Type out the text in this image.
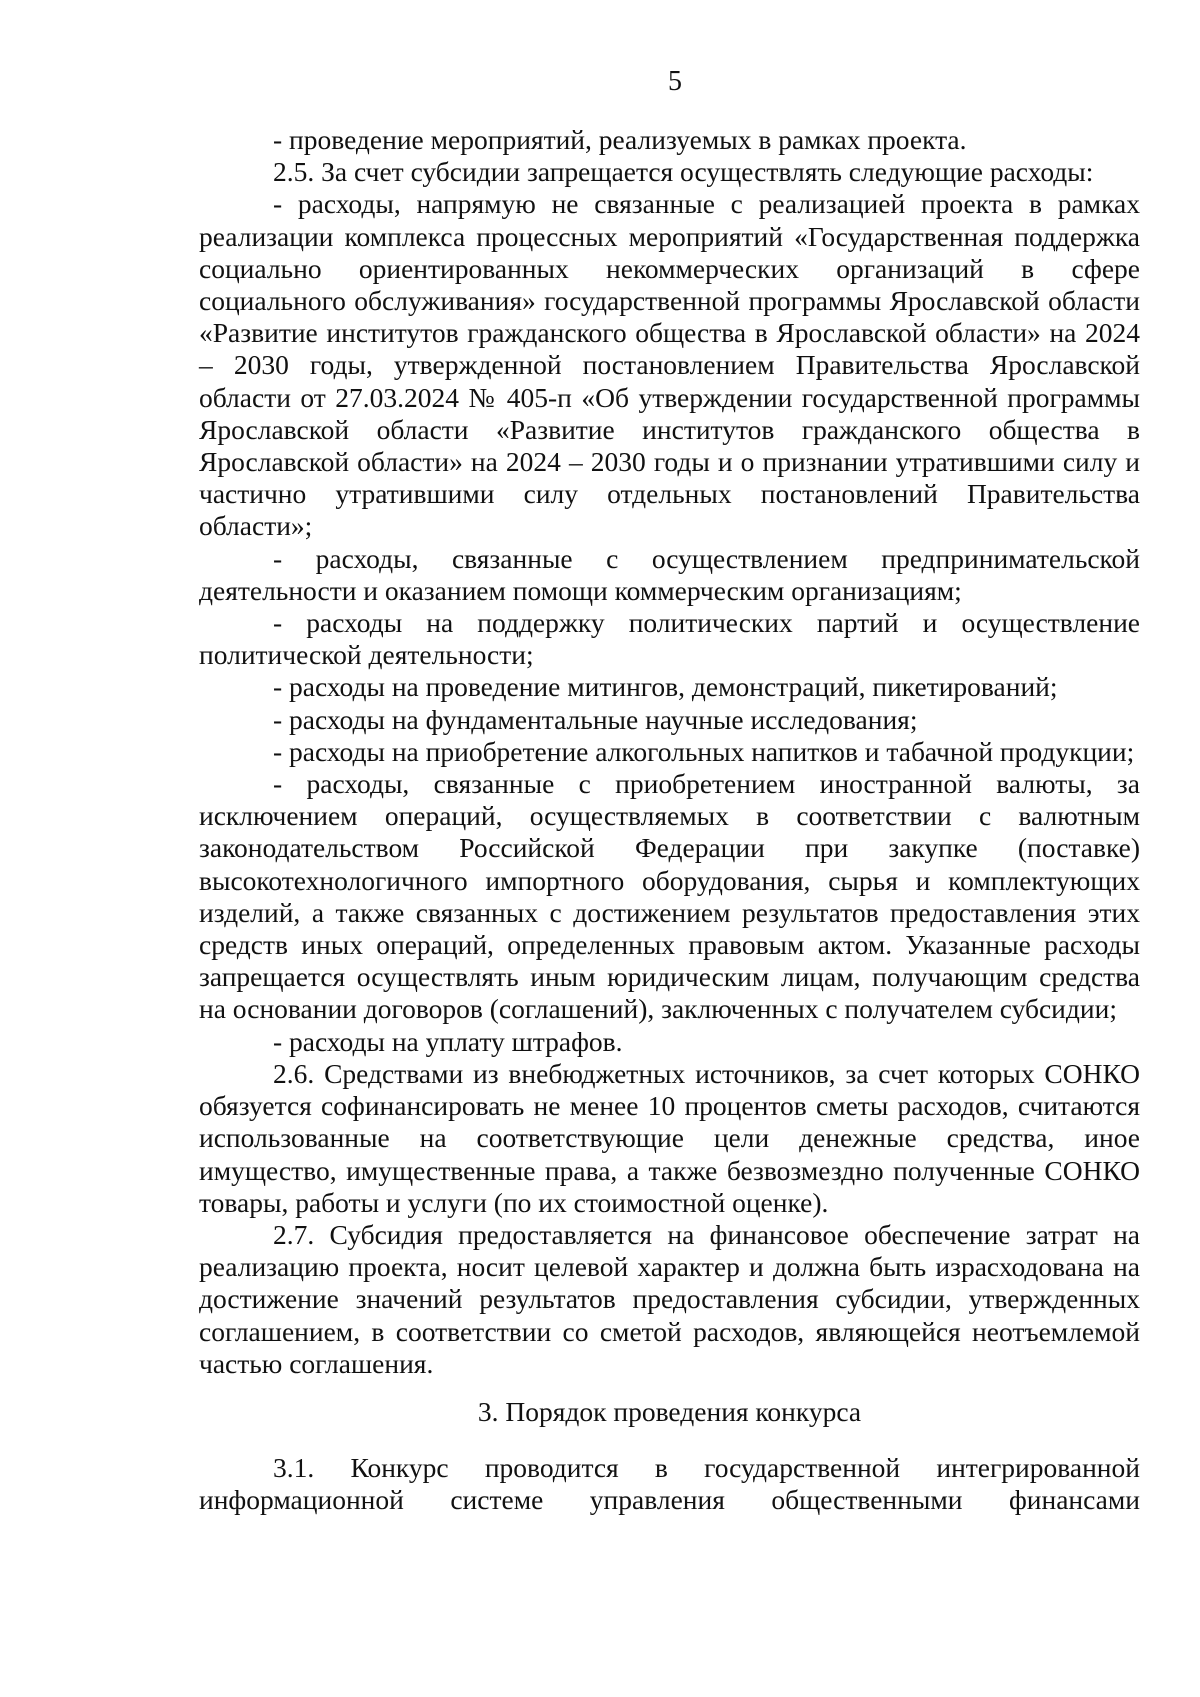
5

- проведение мероприятий, реализуемых в рамках проекта.

2.5. За счет субсидии запрещается осуществлять следующие расходы:

- расходы, напрямую не связанные с реализацией проекта в рамках реализации комплекса процессных мероприятий «Государственная поддержка социально ориентированных некоммерческих организаций в сфере социального обслуживания» государственной программы Ярославской области «Развитие институтов гражданского общества в Ярославской области» на 2024 – 2030 годы, утвержденной постановлением Правительства Ярославской области от 27.03.2024 № 405-п «Об утверждении государственной программы Ярославской области «Развитие институтов гражданского общества в Ярославской области» на 2024 – 2030 годы и о признании утратившими силу и частично утратившими силу отдельных постановлений Правительства области»;

- расходы, связанные с осуществлением предпринимательской деятельности и оказанием помощи коммерческим организациям;

- расходы на поддержку политических партий и осуществление политической деятельности;

- расходы на проведение митингов, демонстраций, пикетирований;

- расходы на фундаментальные научные исследования;

- расходы на приобретение алкогольных напитков и табачной продукции;

- расходы, связанные с приобретением иностранной валюты, за исключением операций, осуществляемых в соответствии с валютным законодательством Российской Федерации при закупке (поставке) высокотехнологичного импортного оборудования, сырья и комплектующих изделий, а также связанных с достижением результатов предоставления этих средств иных операций, определенных правовым актом. Указанные расходы запрещается осуществлять иным юридическим лицам, получающим средства на основании договоров (соглашений), заключенных с получателем субсидии;

- расходы на уплату штрафов.

2.6. Средствами из внебюджетных источников, за счет которых СОНКО обязуется софинансировать не менее 10 процентов сметы расходов, считаются использованные на соответствующие цели денежные средства, иное имущество, имущественные права, а также безвозмездно полученные СОНКО товары, работы и услуги (по их стоимостной оценке).

2.7. Субсидия предоставляется на финансовое обеспечение затрат на реализацию проекта, носит целевой характер и должна быть израсходована на достижение значений результатов предоставления субсидии, утвержденных соглашением, в соответствии со сметой расходов, являющейся неотъемлемой частью соглашения.

3. Порядок проведения конкурса

3.1. Конкурс проводится в государственной интегрированной информационной системе управления общественными финансами
